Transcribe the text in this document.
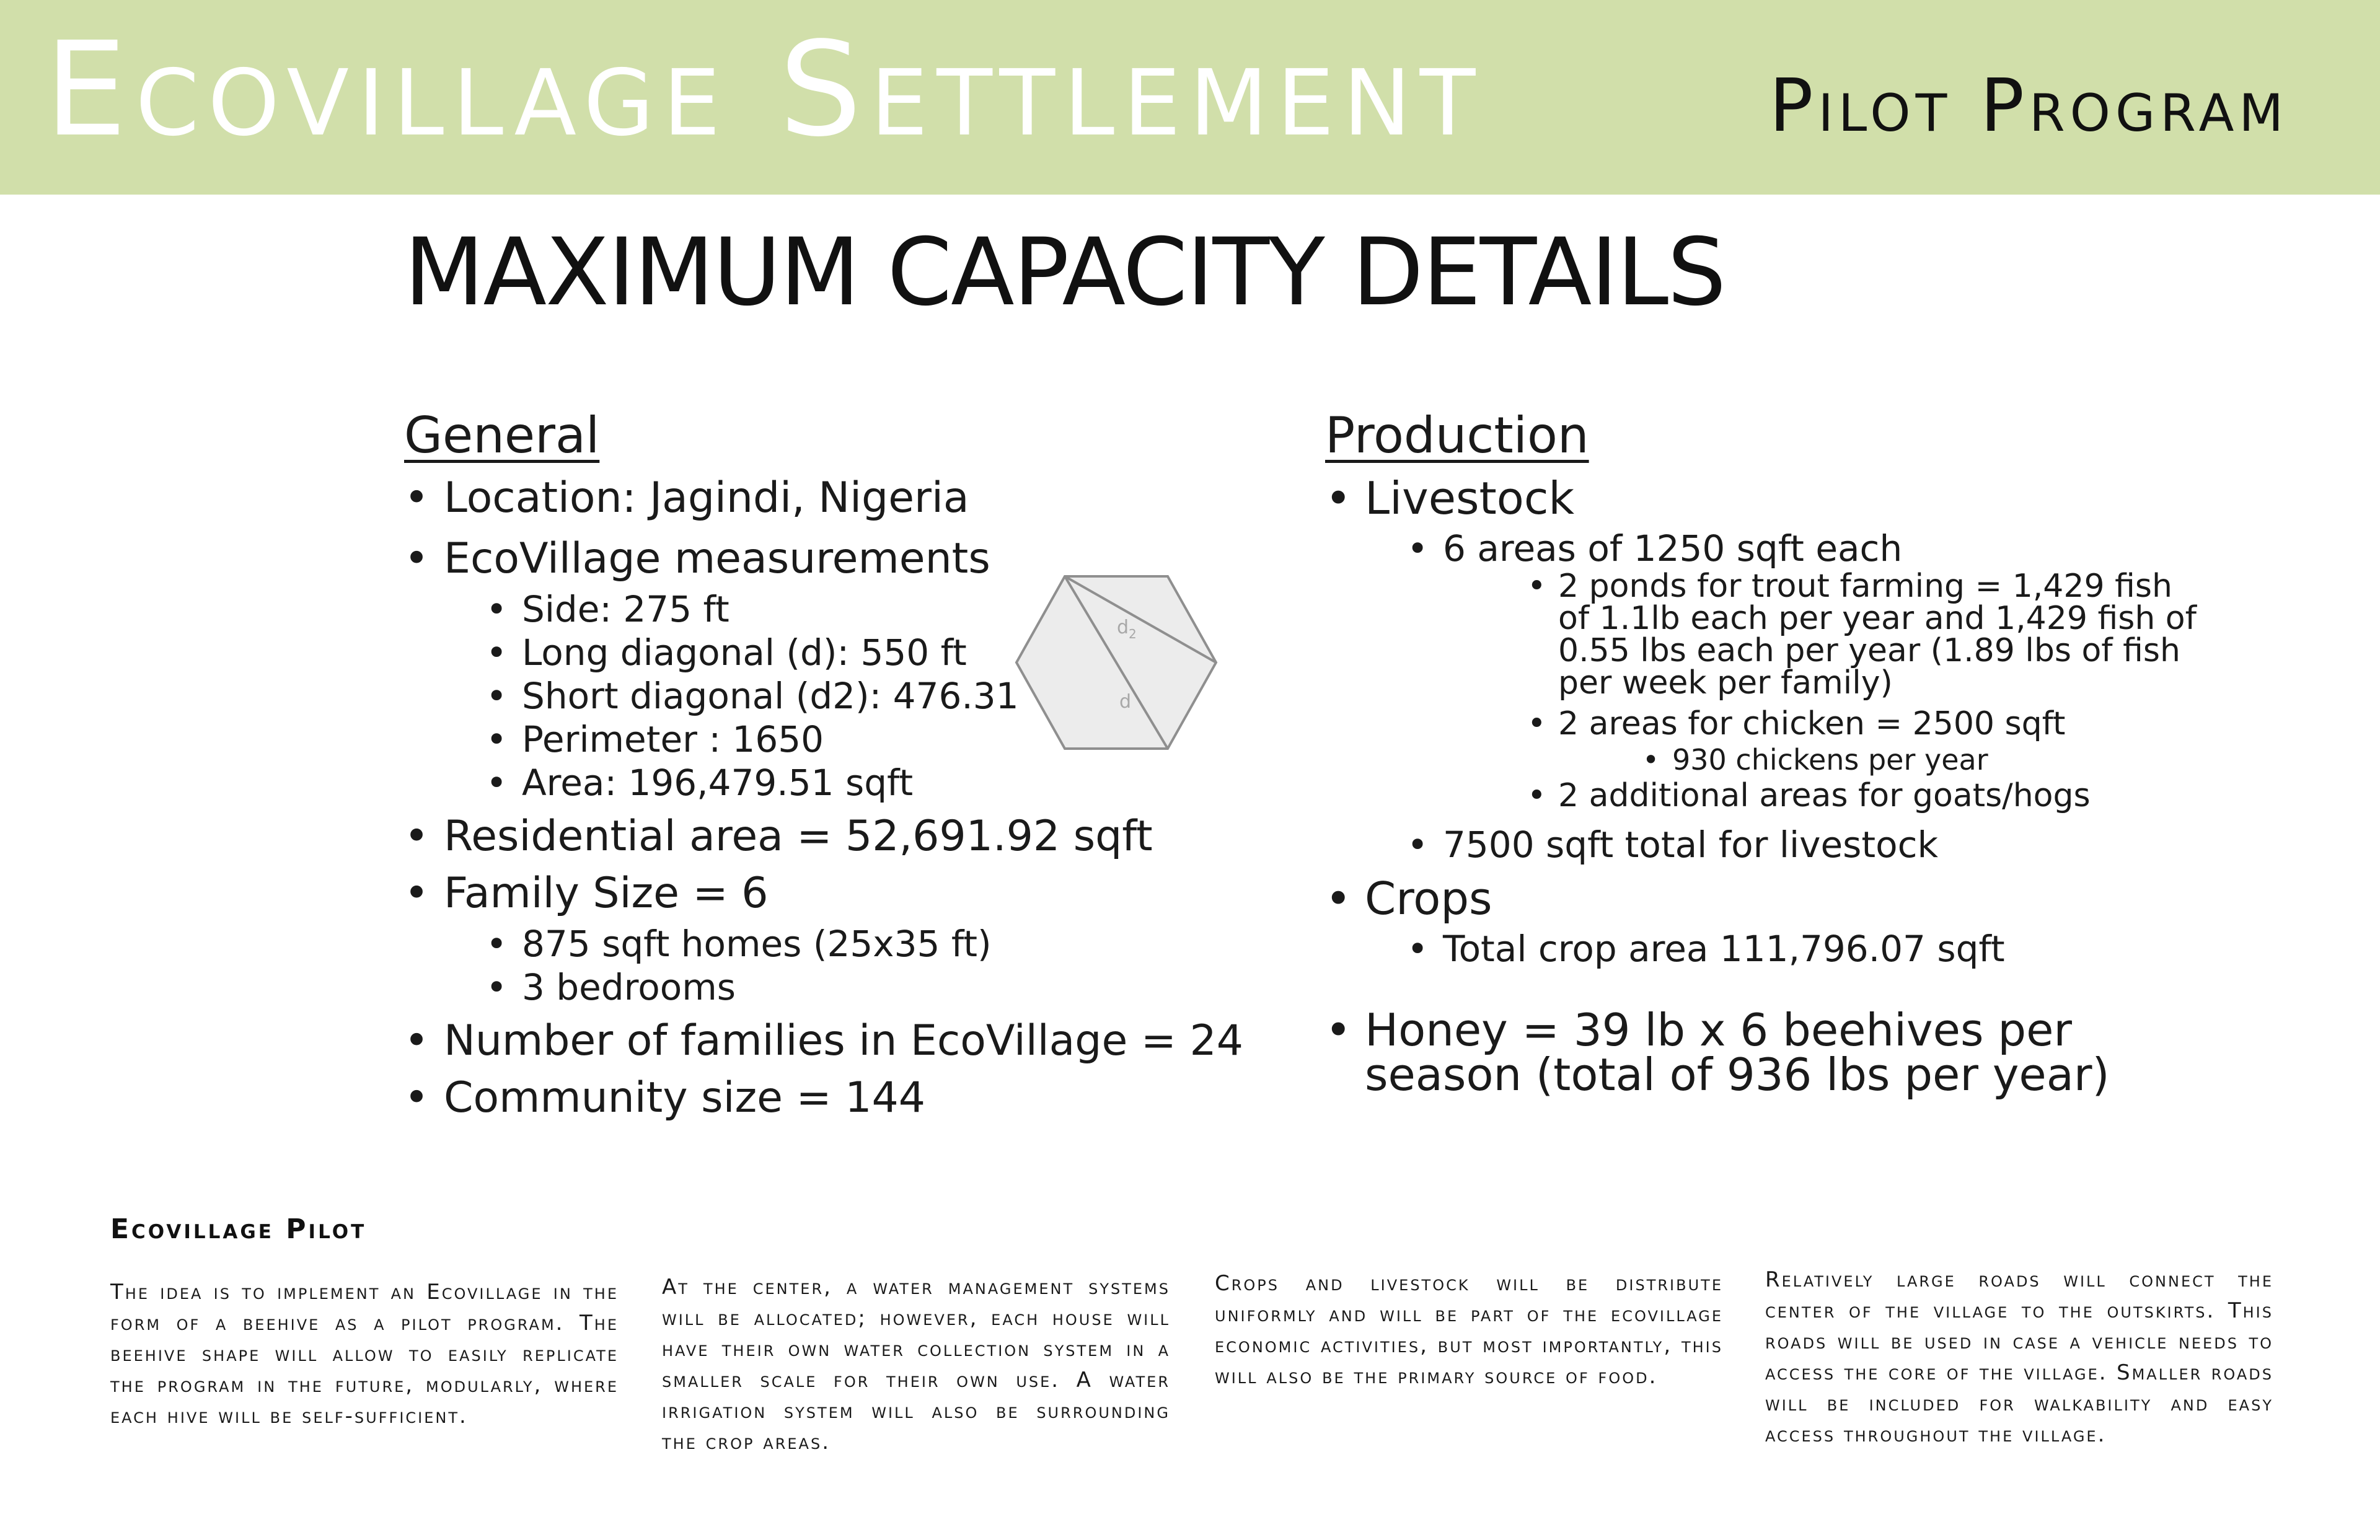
Ecovillage Settlement	Pilot Program
MAXIMUM CAPACITY DETAILS
General
• Location: Jagindi, Nigeria
• EcoVillage measurements
• Side: 275 ft
• Long diagonal (d): 550 ft
• Short diagonal (d2): 476.31
• Perimeter : 1650
• Area: 196,479.51 sqft
• Residential area = 52,691.92 sqft
• Family Size = 6
• 875 sqft homes (25x35 ft)
• 3 bedrooms
• Number of families in EcoVillage = 24
• Community size = 144
$d_2$
d
Production
• Livestock
• 6 areas of 1250 sqft each
• 2 ponds for trout farming = 1,429 fish of 1.1lb each per year and 1,429 fish of 0.55 lbs each per year (1.89 lbs of fish per week per family)
• 2 areas for chicken = 2500 sqft
• 930 chickens per year
• 2 additional areas for goats/hogs
• 7500 sqft total for livestock
• Crops
• Total crop area 111,796.07 sqft
• Honey = 39 lb x 6 beehives per season (total of 936 lbs per year)
Ecovillage Pilot
The idea is to implement an Ecovillage in the form of a beehive as a pilot program. The beehive shape will allow to easily replicate the program in the future, modularly, where each hive will be self-sufficient.
At the center, a water management systems will be allocated; however, each house will have their own water collection system in a smaller scale for their own use. A water irrigation system will also be surrounding the crop areas.
Crops and livestock will be distribute uniformly and will be part of the ecovillage economic activities, but most importantly, this will also be the primary source of food.
Relatively large roads will connect the center of the village to the outskirts. This roads will be used in case a vehicle needs to access the core of the village. Smaller roads will be included for walkability and easy access throughout the village.
